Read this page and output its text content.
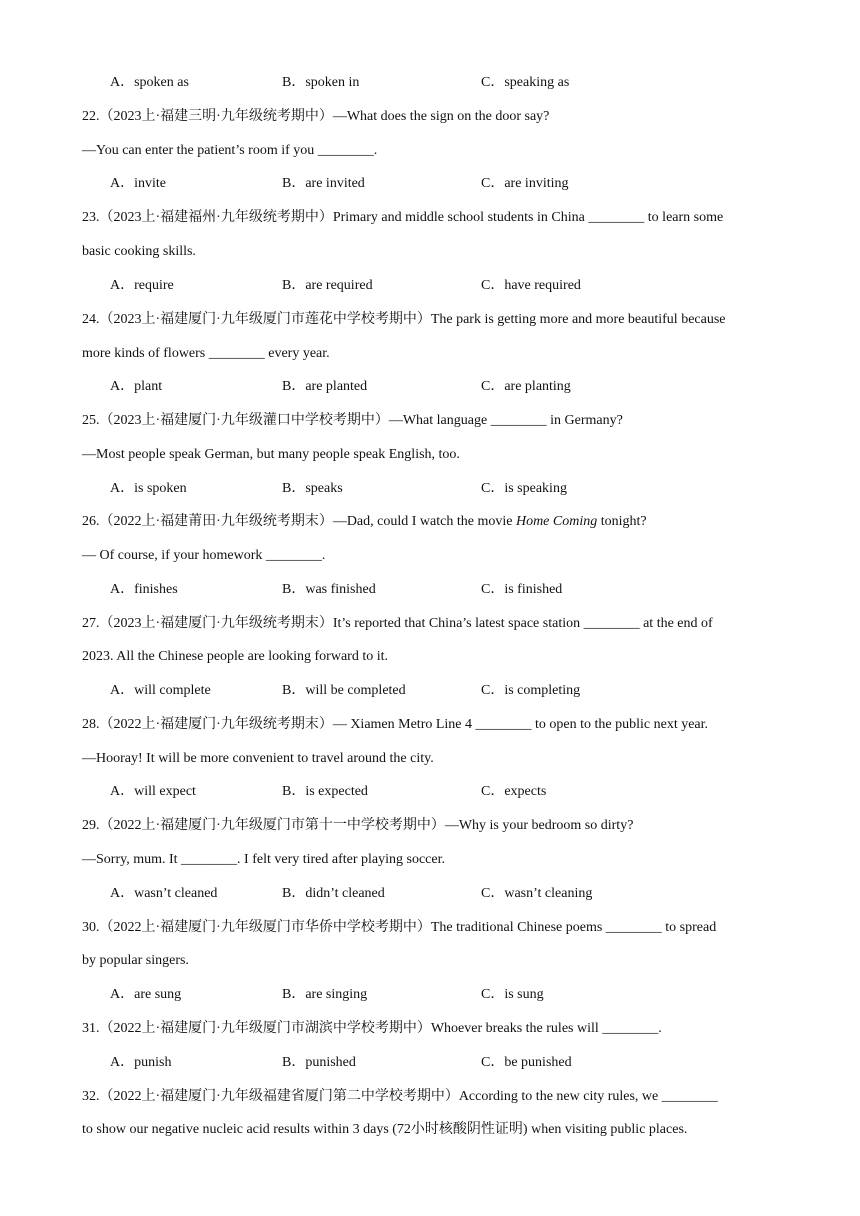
A．spoken as	B．spoken in	C．speaking as
22.（2023上·福建三明·九年级统考期中）—What does the sign on the door say?
—You can enter the patient’s room if you ________.
A．invite	B．are invited	C．are inviting
23.（2023上·福建福州·九年级统考期中）Primary and middle school students in China ________ to learn some
basic cooking skills.
A．require	B．are required	C．have required
24.（2023上·福建厦门·九年级厦门市莲花中学校考期中）The park is getting more and more beautiful because
more kinds of flowers ________ every year.
A．plant	B．are planted	C．are planting
25.（2023上·福建厦门·九年级灌口中学校考期中）—What language ________ in Germany?
—Most people speak German, but many people speak English, too.
A．is spoken	B．speaks	C．is speaking
26.（2022上·福建莆田·九年级统考期末）—Dad, could I watch the movie Home Coming tonight?
— Of course, if your homework ________.
A．finishes	B．was finished	C．is finished
27.（2023上·福建厦门·九年级统考期末）It’s reported that China’s latest space station ________ at the end of
2023. All the Chinese people are looking forward to it.
A．will complete	B．will be completed	C．is completing
28.（2022上·福建厦门·九年级统考期末）— Xiamen Metro Line 4 ________ to open to the public next year.
—Hooray! It will be more convenient to travel around the city.
A．will expect	B．is expected	C．expects
29.（2022上·福建厦门·九年级厦门市第十一中学校考期中）—Why is your bedroom so dirty?
—Sorry, mum. It ________. I felt very tired after playing soccer.
A．wasn’t cleaned	B．didn’t cleaned	C．wasn’t cleaning
30.（2022上·福建厦门·九年级厦门市华侨中学校考期中）The traditional Chinese poems ________ to spread
by popular singers.
A．are sung	B．are singing	C．is sung
31.（2022上·福建厦门·九年级厦门市湖滨中学校考期中）Whoever breaks the rules will ________.
A．punish	B．punished	C．be punished
32.（2022上·福建厦门·九年级福建省厦门第二中学校考期中）According to the new city rules, we ________
to show our negative nucleic acid results within 3 days (72小时核酸阴性证明) when visiting public places.
